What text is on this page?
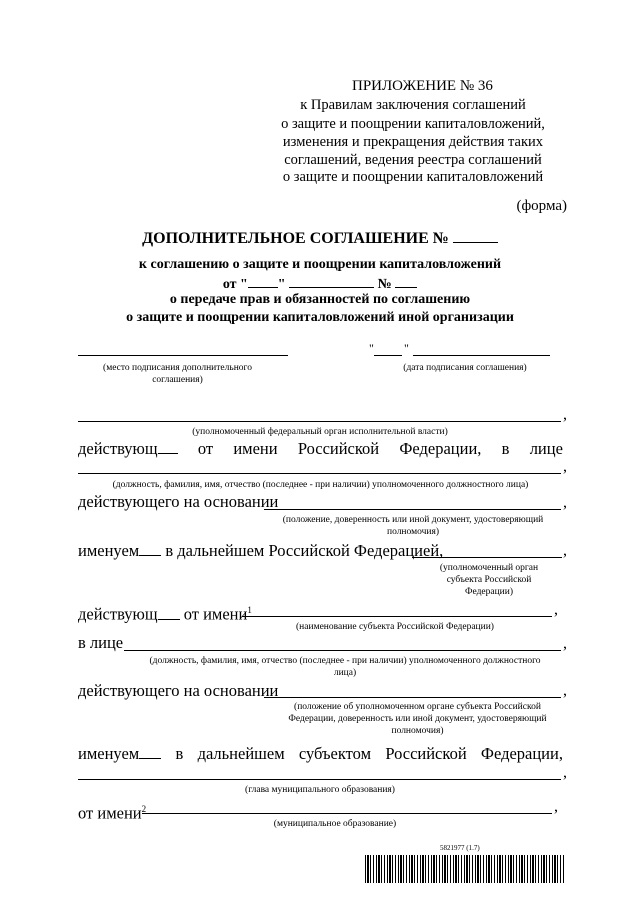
ПРИЛОЖЕНИЕ № 36
к Правилам заключения соглашений
о защите и поощрении капиталовложений,
изменения и прекращения действия таких
соглашений, ведения реестра соглашений
о защите и поощрении капиталовложений
(форма)
ДОПОЛНИТЕЛЬНОЕ СОГЛАШЕНИЕ №
к соглашению о защите и поощрении капиталовложений
от " "	№
о передаче прав и обязанностей по соглашению
о защите и поощрении капиталовложений иной организации
(место подписания дополнительного соглашения)
"	"
(дата подписания соглашения)
,
(уполномоченный федеральный орган исполнительной власти)
действующ	от имени Российской Федерации, в лице
,
(должность, фамилия, имя, отчество (последнее - при наличии) уполномоченного должностного лица)
действующего на основании	,
(положение, доверенность или иной документ, удостоверяющий полномочия)
именуем в дальнейшем Российской Федерацией,	,
(уполномоченный орган субъекта Российской Федерации)
действующ от имени$^1$	,
(наименование субъекта Российской Федерации)
в лице	,
(должность, фамилия, имя, отчество (последнее - при наличии) уполномоченного должностного лица)
действующего на основании	,
(положение об уполномоченном органе субъекта Российской Федерации, доверенность или иной документ, удостоверяющий полномочия)
именуем	в дальнейшем субъектом Российской Федерации,
,
(глава муниципального образования)
от имени$^2$	,
(муниципальное образование)
5821977 (1.7)
